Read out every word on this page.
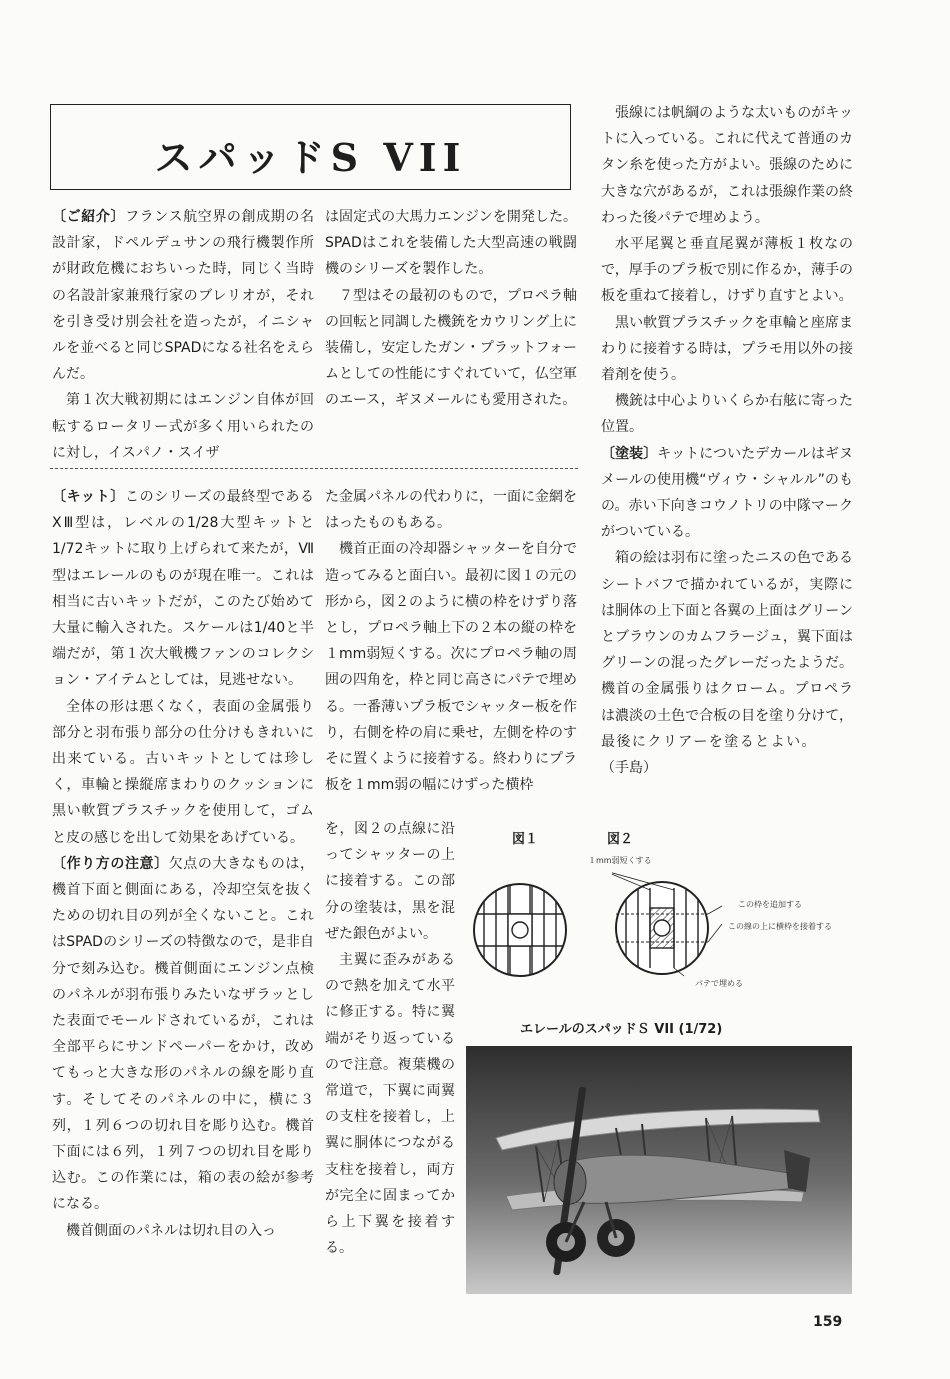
スパッドS VII

〔ご紹介〕フランス航空界の創成期の名設計家，ドペルデュサンの飛行機製作所が財政危機におちいった時，同じく当時の名設計家兼飛行家のブレリオが，それを引き受け別会社を造ったが，イニシャルを並べると同じSPADになる社名をえらんだ。

第１次大戦初期にはエンジン自体が回転するロータリー式が多く用いられたのに対し，イスパノ・スイザ

は固定式の大馬力エンジンを開発した。SPADはこれを装備した大型高速の戦闘機のシリーズを製作した。

７型はその最初のもので，プロペラ軸の回転と同調した機銃をカウリング上に装備し，安定したガン・プラットフォームとしての性能にすぐれていて，仏空軍のエース，ギヌメールにも愛用された。

張線には帆綱のような太いものがキットに入っている。これに代えて普通のカタン糸を使った方がよい。張線のために大きな穴があるが，これは張線作業の終わった後パテで埋めよう。

水平尾翼と垂直尾翼が薄板１枚なので，厚手のプラ板で別に作るか，薄手の板を重ねて接着し，けずり直すとよい。

黒い軟質プラスチックを車輪と座席まわりに接着する時は，プラモ用以外の接着剤を使う。

機銃は中心よりいくらか右舷に寄った位置。

〔塗装〕キットについたデカールはギヌメールの使用機“ヴィウ・シャルル”のもの。赤い下向きコウノトリの中隊マークがついている。

箱の絵は羽布に塗ったニスの色であるシートバフで描かれているが，実際には胴体の上下面と各翼の上面はグリーンとブラウンのカムフラージュ，翼下面はグリーンの混ったグレーだったようだ。機首の金属張りはクローム。プロペラは濃淡の土色で合板の目を塗り分けて，最後にクリアーを塗るとよい。（手島）

〔キット〕このシリーズの最終型であるⅩⅢ型は，レベルの1/28大型キットと1/72キットに取り上げられて来たが，Ⅶ型はエレールのものが現在唯一。これは相当に古いキットだが，このたび始めて大量に輸入された。スケールは1/40と半端だが，第１次大戦機ファンのコレクション・アイテムとしては，見逃せない。

全体の形は悪くなく，表面の金属張り部分と羽布張り部分の仕分けもきれいに出来ている。古いキットとしては珍しく，車輪と操縦席まわりのクッションに黒い軟質プラスチックを使用して，ゴムと皮の感じを出して効果をあげている。

〔作り方の注意〕欠点の大きなものは，機首下面と側面にある，冷却空気を抜くための切れ目の列が全くないこと。これはSPADのシリーズの特徴なので，是非自分で刻み込む。機首側面にエンジン点検のパネルが羽布張りみたいなザラッとした表面でモールドされているが，これは全部平らにサンドペーパーをかけ，改めてもっと大きな形のパネルの線を彫り直す。そしてそのパネルの中に，横に３列，１列６つの切れ目を彫り込む。機首下面には６列，１列７つの切れ目を彫り込む。この作業には，箱の表の絵が参考になる。

機首側面のパネルは切れ目の入っ

た金属パネルの代わりに，一面に金網をはったものもある。

機首正面の冷却器シャッターを自分で造ってみると面白い。最初に図１の元の形から，図２のように横の枠をけずり落とし，プロペラ軸上下の２本の縦の枠を１mm弱短くする。次にプロペラ軸の周囲の四角を，枠と同じ高さにパテで埋める。一番薄いプラ板でシャッター板を作り，右側を枠の肩に乗せ，左側を枠のすそに置くように接着する。終わりにプラ板を１mm弱の幅にけずった横枠

を，図２の点線に沿ってシャッターの上に接着する。この部分の塗装は，黒を混ぜた銀色がよい。

主翼に歪みがあるので熱を加えて水平に修正する。特に翼端がそり返っているので注意。複葉機の常道で，下翼に両翼の支柱を接着し，上翼に胴体につながる支柱を接着し，両方が完全に固まってから上下翼を接着する。

図１	図２
１mm弱短くする
この枠を追加する
この線の上に横枠を接着する
パテで埋める
エレールのスパッドＳ VII (1/72)
159
